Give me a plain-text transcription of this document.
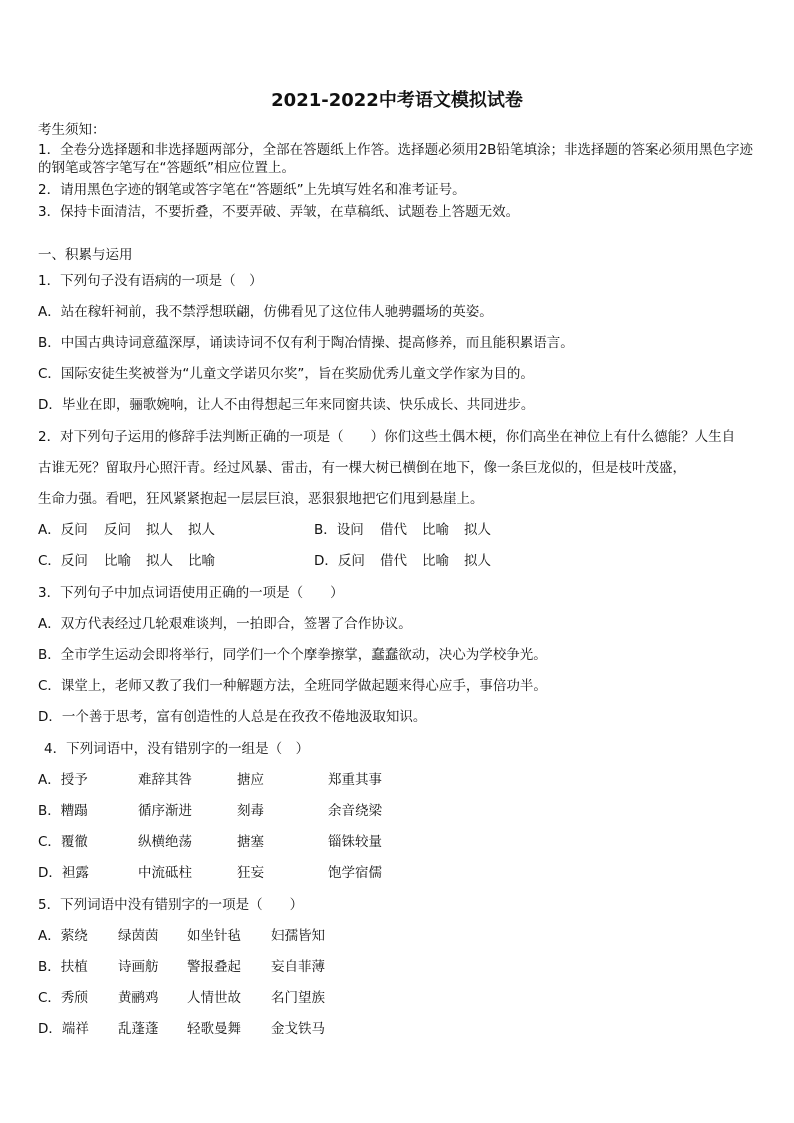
2021-2022中考语文模拟试卷
考生须知：
1．全卷分选择题和非选择题两部分，全部在答题纸上作答。选择题必须用2B铅笔填涂；非选择题的答案必须用黑色字迹的钢笔或答字笔写在“答题纸”相应位置上。
2．请用黑色字迹的钢笔或答字笔在“答题纸”上先填写姓名和准考证号。
3．保持卡面清洁，不要折叠，不要弄破、弄皱，在草稿纸、试题卷上答题无效。
一、积累与运用
1．下列句子没有语病的一项是（　）
A．站在稼轩祠前，我不禁浮想联翩，仿佛看见了这位伟人驰骋疆场的英姿。
B．中国古典诗词意蕴深厚，诵读诗词不仅有利于陶冶情操、提高修养，而且能积累语言。
C．国际安徒生奖被誉为“儿童文学诺贝尔奖”，旨在奖励优秀儿童文学作家为目的。
D．毕业在即，骊歌婉响，让人不由得想起三年来同窗共读、快乐成长、共同进步。
2．对下列句子运用的修辞手法判断正确的一项是（　　）你们这些土偶木梗，你们高坐在神位上有什么德能？人生自
古谁无死？留取丹心照汗青。经过风暴、雷击，有一棵大树已横倒在地下，像一条巨龙似的，但是枝叶茂盛，
生命力强。看吧，狂风紧紧抱起一层层巨浪，恶狠狠地把它们甩到悬崖上。
A．反问 反问 拟人 拟人	B．设问 借代 比喻 拟人
C．反问 比喻 拟人 比喻	D．反问 借代 比喻 拟人
3．下列句子中加点词语使用正确的一项是（　　）
A．双方代表经过几轮艰难谈判，一拍即合，签署了合作协议。
B．全市学生运动会即将举行，同学们一个个摩拳擦掌，蠢蠢欲动，决心为学校争光。
C．课堂上，老师又教了我们一种解题方法，全班同学做起题来得心应手，事倍功半。
D．一个善于思考，富有创造性的人总是在孜孜不倦地汲取知识。
4．下列词语中，没有错别字的一组是（　）
A．授予	难辞其咎	搪应	郑重其事
B．糟蹋	循序渐进	刻毒	余音绕梁
C．覆徹	纵横绝荡	搪塞	锱铢较量
D．袒露	中流砥柱	狂妄	饱学宿儒
5．下列词语中没有错别字的一项是（　　）
A．萦绕 绿茵茵 如坐针毡 妇孺皆知
B．扶植 诗画舫 警报叠起 妄自菲薄
C．秀颀 黄鹂鸡 人情世故 名门望族
D．端祥 乱蓬蓬 轻歌曼舞 金戈铁马
